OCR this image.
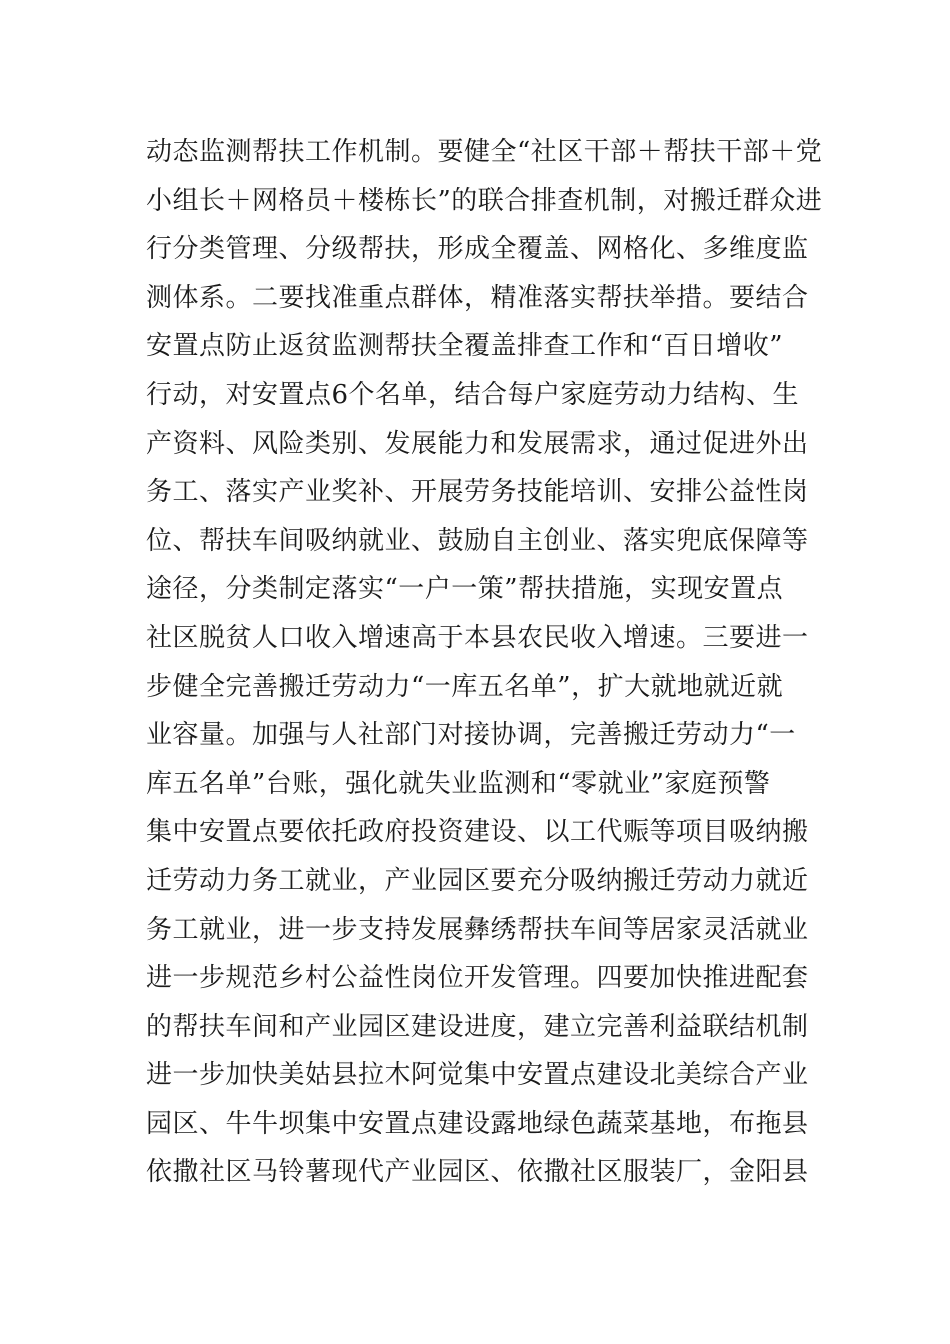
动态监测帮扶工作机制。要健全“社区干部＋帮扶干部＋党
小组长＋网格员＋楼栋长”的联合排查机制，对搬迁群众进
行分类管理、分级帮扶，形成全覆盖、网格化、多维度监
测体系。二要找准重点群体，精准落实帮扶举措。要结合
安置点防止返贫监测帮扶全覆盖排查工作和“百日增收”
行动，对安置点6个名单，结合每户家庭劳动力结构、生
产资料、风险类别、发展能力和发展需求，通过促进外出
务工、落实产业奖补、开展劳务技能培训、安排公益性岗
位、帮扶车间吸纳就业、鼓励自主创业、落实兜底保障等
途径，分类制定落实“一户一策”帮扶措施，实现安置点
社区脱贫人口收入增速高于本县农民收入增速。三要进一
步健全完善搬迁劳动力“一库五名单”，扩大就地就近就
业容量。加强与人社部门对接协调，完善搬迁劳动力“一
库五名单”台账，强化就失业监测和“零就业”家庭预警
集中安置点要依托政府投资建设、以工代赈等项目吸纳搬
迁劳动力务工就业，产业园区要充分吸纳搬迁劳动力就近
务工就业，进一步支持发展彝绣帮扶车间等居家灵活就业
进一步规范乡村公益性岗位开发管理。四要加快推进配套
的帮扶车间和产业园区建设进度，建立完善利益联结机制
进一步加快美姑县拉木阿觉集中安置点建设北美综合产业
园区、牛牛坝集中安置点建设露地绿色蔬菜基地，布拖县
依撒社区马铃薯现代产业园区、依撒社区服装厂，金阳县
